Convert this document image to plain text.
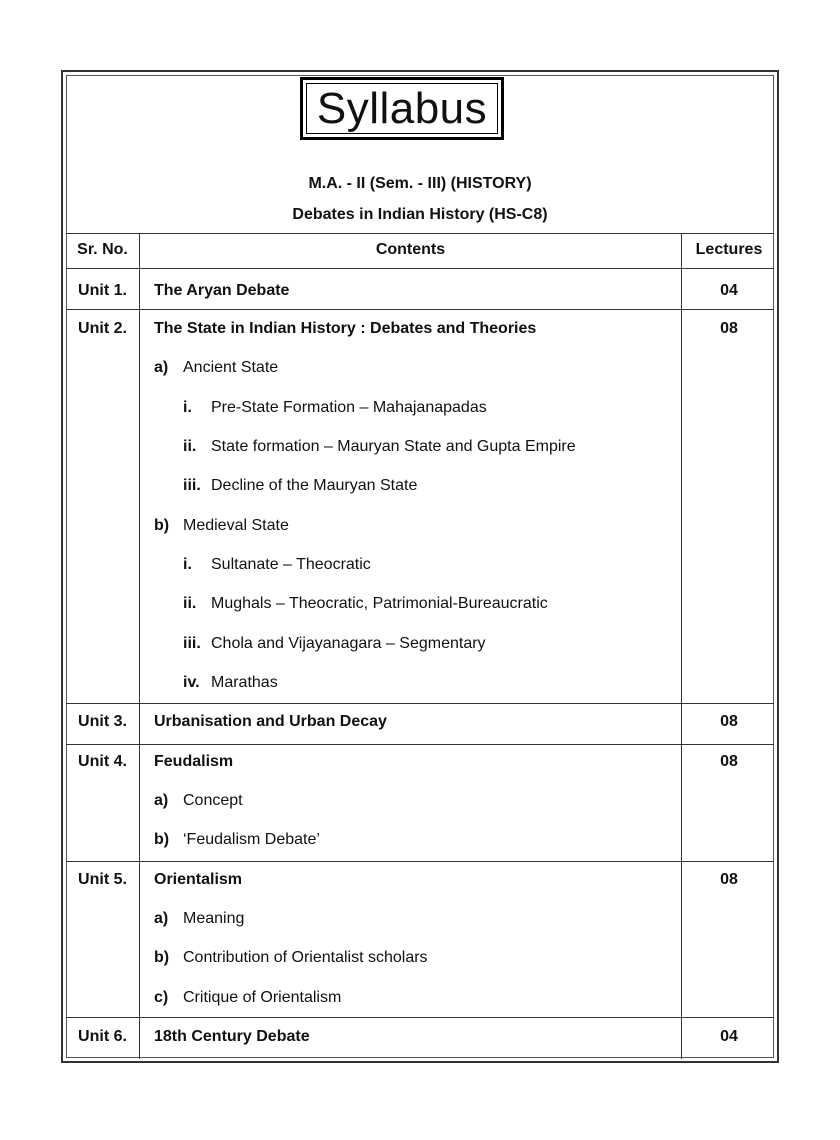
Syllabus
M.A. - II (Sem. - III) (HISTORY)
Debates in Indian History (HS-C8)
Sr. No.	Contents	Lectures
Unit 1.	The Aryan Debate	04
Unit 2.	The State in Indian History : Debates and Theories	08
a) Ancient State
i. Pre-State Formation – Mahajanapadas
ii. State formation – Mauryan State and Gupta Empire
iii. Decline of the Mauryan State
b) Medieval State
i. Sultanate – Theocratic
ii. Mughals – Theocratic, Patrimonial-Bureaucratic
iii. Chola and Vijayanagara – Segmentary
iv. Marathas
Unit 3.	Urbanisation and Urban Decay	08
Unit 4.	Feudalism	08
a) Concept
b) ‘Feudalism Debate’
Unit 5.	Orientalism	08
a) Meaning
b) Contribution of Orientalist scholars
c) Critique of Orientalism
Unit 6.	18th Century Debate	04
